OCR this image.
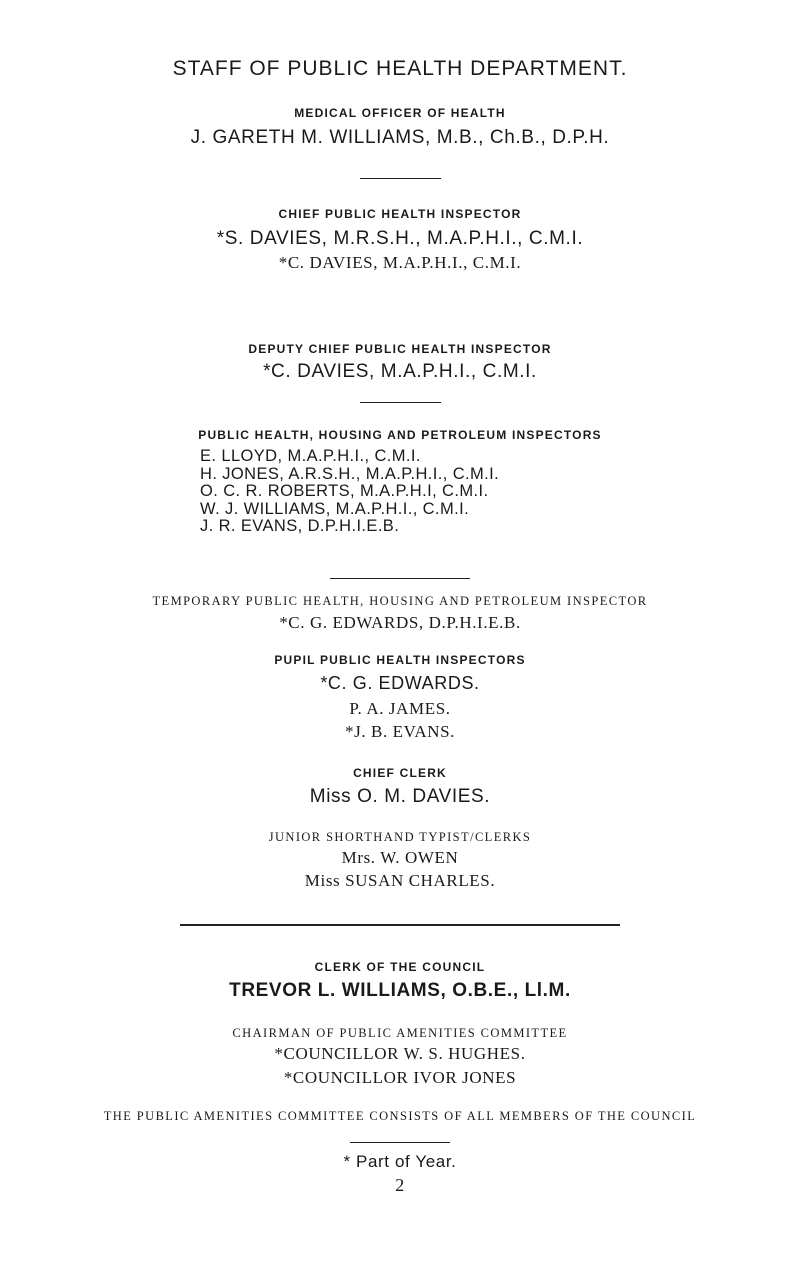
STAFF OF PUBLIC HEALTH DEPARTMENT.
MEDICAL OFFICER OF HEALTH
J. GARETH M. WILLIAMS, M.B., Ch.B., D.P.H.
CHIEF PUBLIC HEALTH INSPECTOR
*S. DAVIES, M.R.S.H., M.A.P.H.I., C.M.I.
*C. DAVIES, M.A.P.H.I., C.M.I.
DEPUTY CHIEF PUBLIC HEALTH INSPECTOR
*C. DAVIES, M.A.P.H.I., C.M.I.
PUBLIC HEALTH, HOUSING AND PETROLEUM INSPECTORS
E. LLOYD, M.A.P.H.I., C.M.I.
H. JONES, A.R.S.H., M.A.P.H.I., C.M.I.
O. C. R. ROBERTS, M.A.P.H.I, C.M.I.
W. J. WILLIAMS, M.A.P.H.I., C.M.I.
J. R. EVANS, D.P.H.I.E.B.
TEMPORARY PUBLIC HEALTH, HOUSING AND PETROLEUM INSPECTOR
*C. G. EDWARDS, D.P.H.I.E.B.
PUPIL PUBLIC HEALTH INSPECTORS
*C. G. EDWARDS.
P. A. JAMES.
*J. B. EVANS.
CHIEF CLERK
Miss O. M. DAVIES.
JUNIOR SHORTHAND TYPIST/CLERKS
Mrs. W. OWEN
Miss SUSAN CHARLES.
CLERK OF THE COUNCIL
TREVOR L. WILLIAMS, O.B.E., Ll.M.
CHAIRMAN OF PUBLIC AMENITIES COMMITTEE
*COUNCILLOR W. S. HUGHES.
*COUNCILLOR IVOR JONES
THE PUBLIC AMENITIES COMMITTEE CONSISTS OF ALL MEMBERS OF THE COUNCIL
* Part of Year.
2
